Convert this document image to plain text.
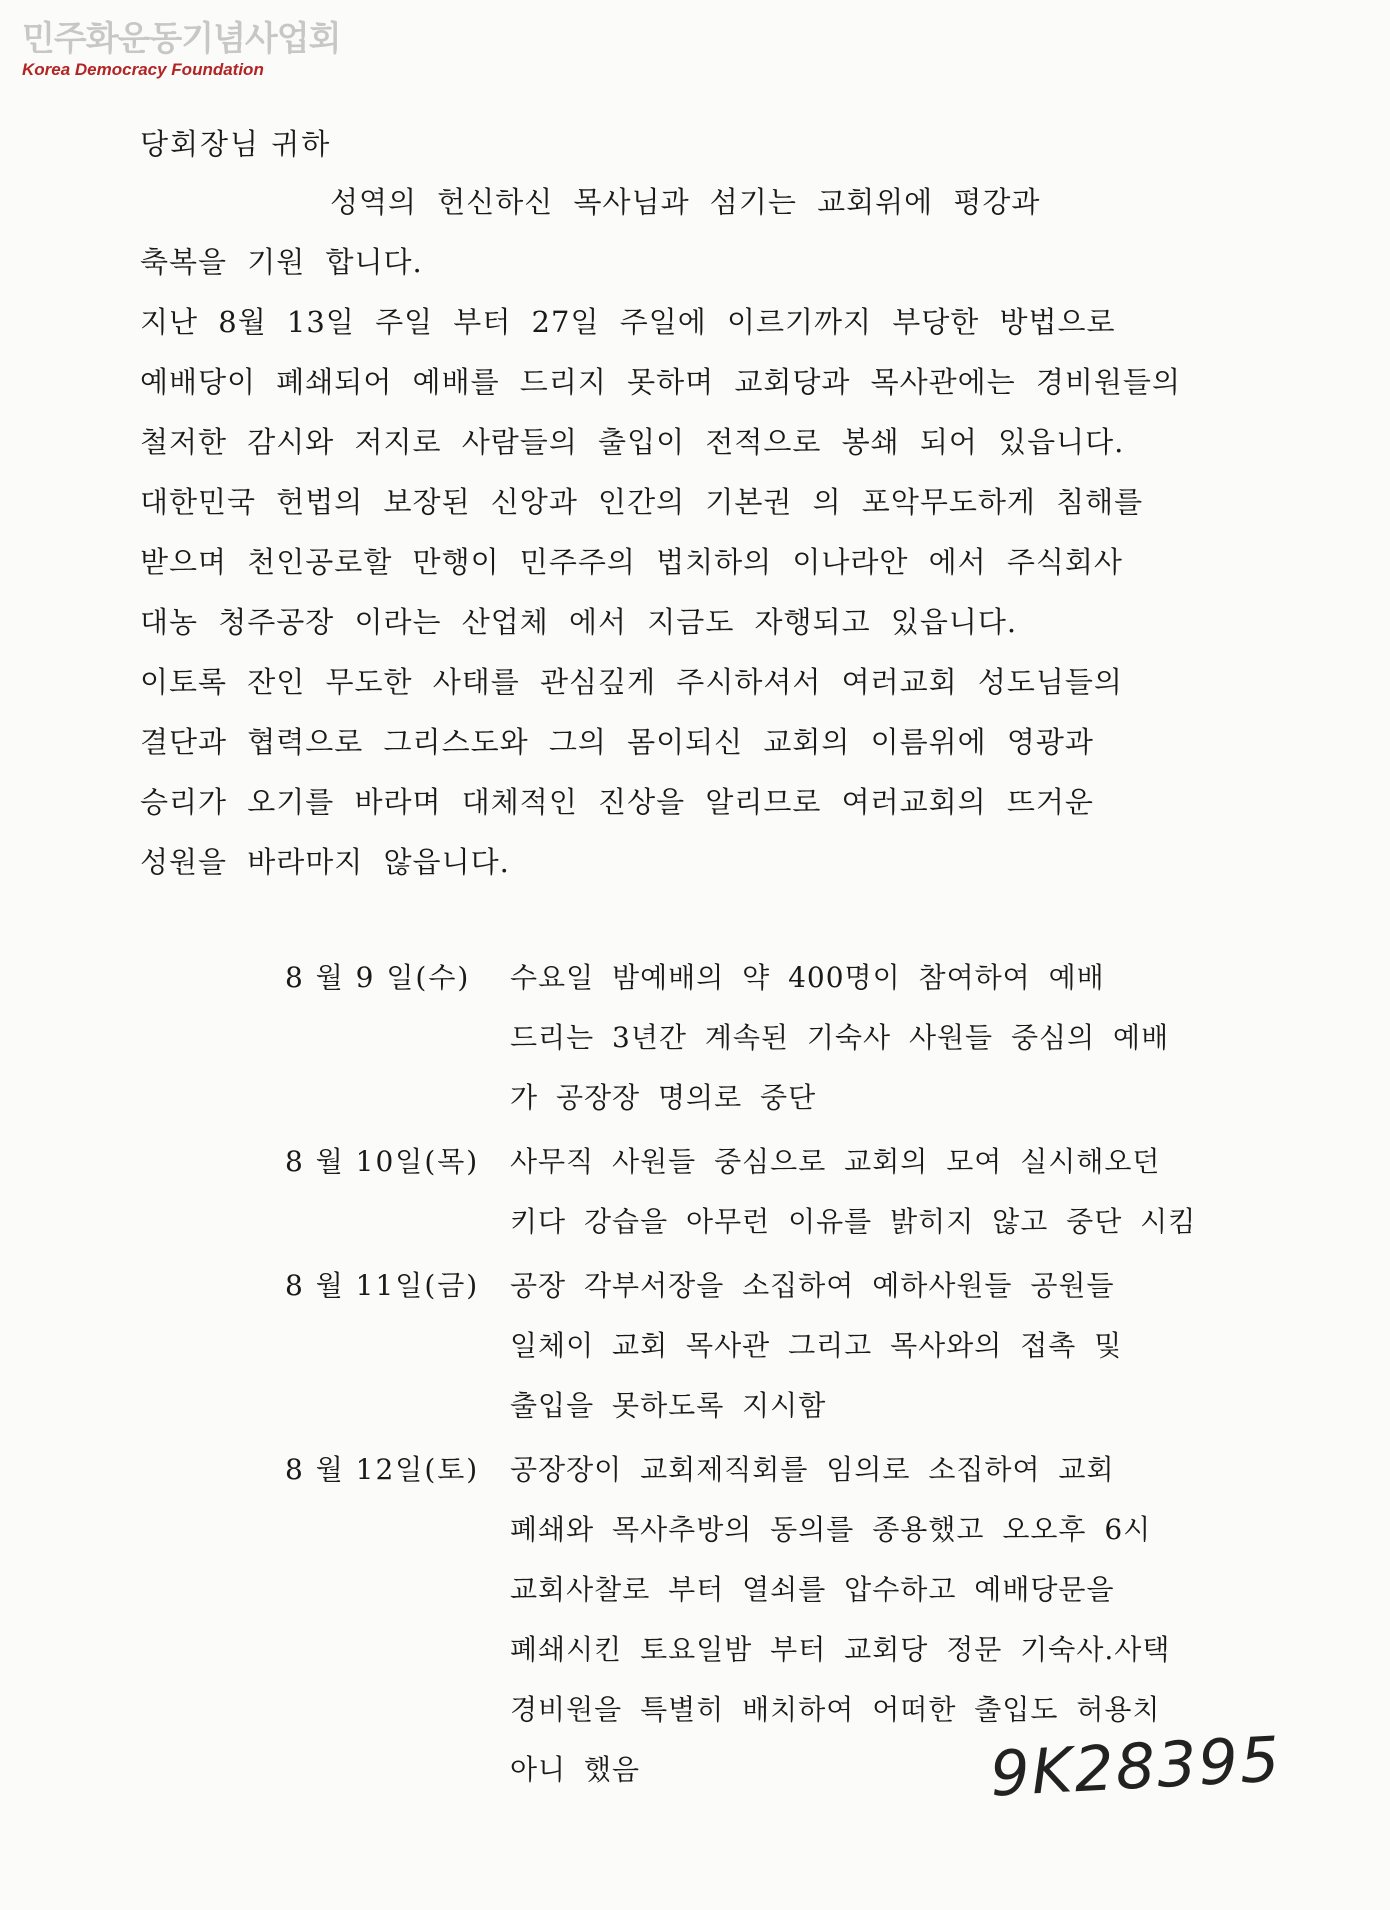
민주화운동기념사업회
Korea Democracy Foundation
당회장님 귀하
성역의 헌신하신 목사님과 섬기는 교회위에 평강과
축복을 기원 합니다.
지난 8월 13일 주일 부터 27일 주일에 이르기까지 부당한 방법으로
예배당이 폐쇄되어 예배를 드리지 못하며 교회당과 목사관에는 경비원들의
철저한 감시와 저지로 사람들의 출입이 전적으로 봉쇄 되어 있읍니다.
대한민국 헌법의 보장된 신앙과 인간의 기본권 의 포악무도하게 침해를
받으며 천인공로할 만행이 민주주의 법치하의 이나라안 에서 주식회사
대농 청주공장 이라는 산업체 에서 지금도 자행되고 있읍니다.
이토록 잔인 무도한 사태를 관심깊게 주시하셔서 여러교회 성도님들의
결단과 협력으로 그리스도와 그의 몸이되신 교회의 이름위에 영광과
승리가 오기를 바라며 대체적인 진상을 알리므로 여러교회의 뜨거운
성원을 바라마지 않읍니다.
8 월 9 일(수)	수요일 밤예배의 약 400명이 참여하여 예배
드리는 3년간 계속된 기숙사 사원들 중심의 예배
가 공장장 명의로 중단
8 월 10일(목)	사무직 사원들 중심으로 교회의 모여 실시해오던
키다 강습을 아무런 이유를 밝히지 않고 중단 시킴
8 월 11일(금)	공장 각부서장을 소집하여 예하사원들 공원들
일체이 교회 목사관 그리고 목사와의 접촉 및
출입을 못하도록 지시함
8 월 12일(토)	공장장이 교회제직회를 임의로 소집하여 교회
폐쇄와 목사추방의 동의를 종용했고 오오후 6시
교회사찰로 부터 열쇠를 압수하고 예배당문을
폐쇄시킨 토요일밤 부터 교회당 정문 기숙사.사택
경비원을 특별히 배치하여 어떠한 출입도 허용치
아니 했음	9K28395
